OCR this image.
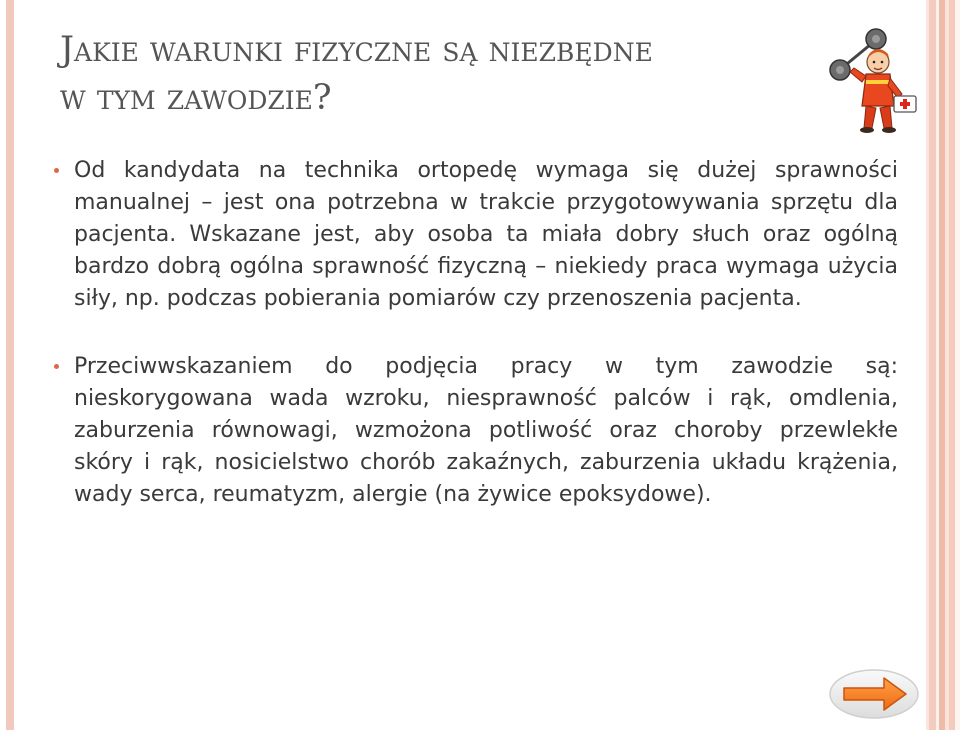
Jakie warunki fizyczne są niezbędne
w tym zawodzie?

Od kandydata na technika ortopedę wymaga się dużej sprawności manualnej – jest ona potrzebna w trakcie przygotowywania sprzętu dla pacjenta. Wskazane jest, aby osoba ta miała dobry słuch oraz ogólną bardzo dobrą ogólna sprawność fizyczną – niekiedy praca wymaga użycia siły, np. podczas pobierania pomiarów czy przenoszenia pacjenta.

Przeciwwskazaniem do podjęcia pracy w tym zawodzie są: nieskorygowana wada wzroku, niesprawność palców i rąk, omdlenia, zaburzenia równowagi, wzmożona potliwość oraz choroby przewlekłe skóry i rąk, nosicielstwo chorób zakaźnych, zaburzenia układu krążenia, wady serca, reumatyzm, alergie (na żywice epoksydowe).
